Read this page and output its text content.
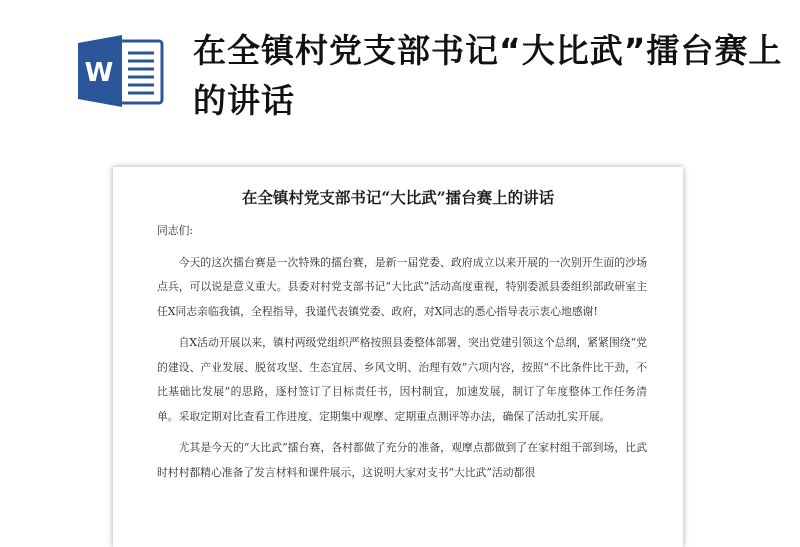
W
在全镇村党支部书记“大比武”擂台赛上的讲话
在全镇村党支部书记“大比武”擂台赛上的讲话

同志们:

今天的这次擂台赛是一次特殊的擂台赛，是新一届党委、政府成立以来开展的一次别开生面的沙场点兵，可以说是意义重大。县委对村党支部书记“大比武”活动高度重视，特别委派县委组织部政研室主任X同志亲临我镇，全程指导，我谨代表镇党委、政府，对X同志的悉心指导表示衷心地感谢!

自X活动开展以来，镇村两级党组织严格按照县委整体部署，突出党建引领这个总纲，紧紧围绕“党的建设、产业发展、脱贫攻坚、生态宜居、乡风文明、治理有效”六项内容，按照“不比条件比干劲，不比基础比发展”的思路，逐村签订了目标责任书，因村制宜，加速发展，制订了年度整体工作任务清单。采取定期对比查看工作进度、定期集中观摩、定期重点测评等办法，确保了活动扎实开展。

尤其是今天的“大比武”擂台赛，各村都做了充分的准备，观摩点都做到了在家村组干部到场，比武时村村都精心准备了发言材料和课件展示，这说明大家对支书“大比武”活动都很
